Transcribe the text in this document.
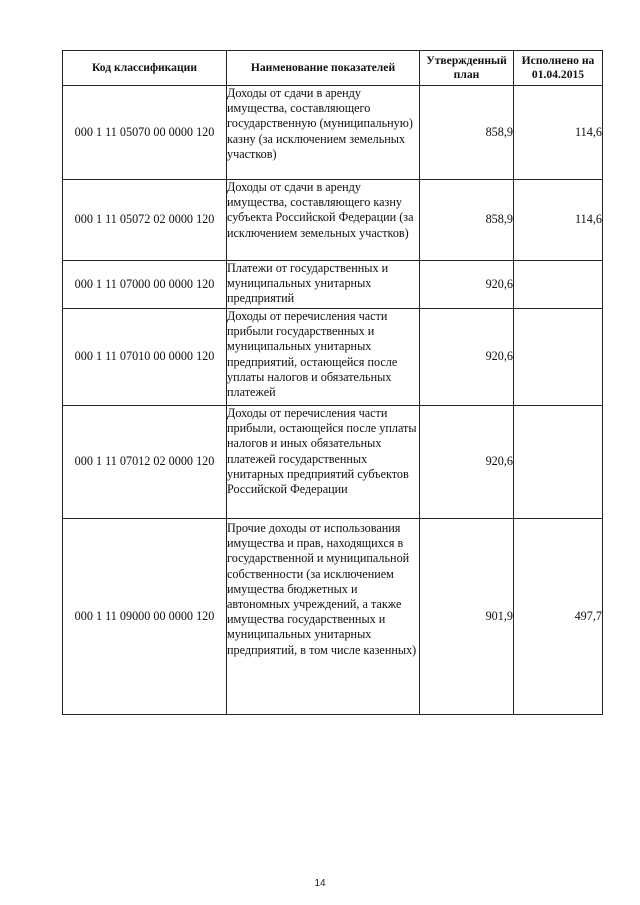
Код классификации	Наименование показателей	Утвержденный план	Исполнено на 01.04.2015
000 1 11 05070 00 0000 120	Доходы от сдачи в аренду имущества, составляющего государственную (муниципальную) казну (за исключением земельных участков)	858,9	114,6
000 1 11 05072 02 0000 120	Доходы от сдачи в аренду имущества, составляющего казну субъекта Российской Федерации (за исключением земельных участков)	858,9	114,6
000 1 11 07000 00 0000 120	Платежи от государственных и муниципальных унитарных предприятий	920,6	
000 1 11 07010 00 0000 120	Доходы от перечисления части прибыли государственных и муниципальных унитарных предприятий, остающейся после уплаты налогов и обязательных платежей	920,6	
000 1 11 07012 02 0000 120	Доходы от перечисления части прибыли, остающейся после уплаты налогов и иных обязательных платежей государственных унитарных предприятий субъектов Российской Федерации	920,6	
000 1 11 09000 00 0000 120	Прочие доходы от использования имущества и прав, находящихся в государственной и муниципальной собственности (за исключением имущества бюджетных и автономных учреждений, а также имущества государственных и муниципальных унитарных предприятий, в том числе казенных)	901,9	497,7
14
